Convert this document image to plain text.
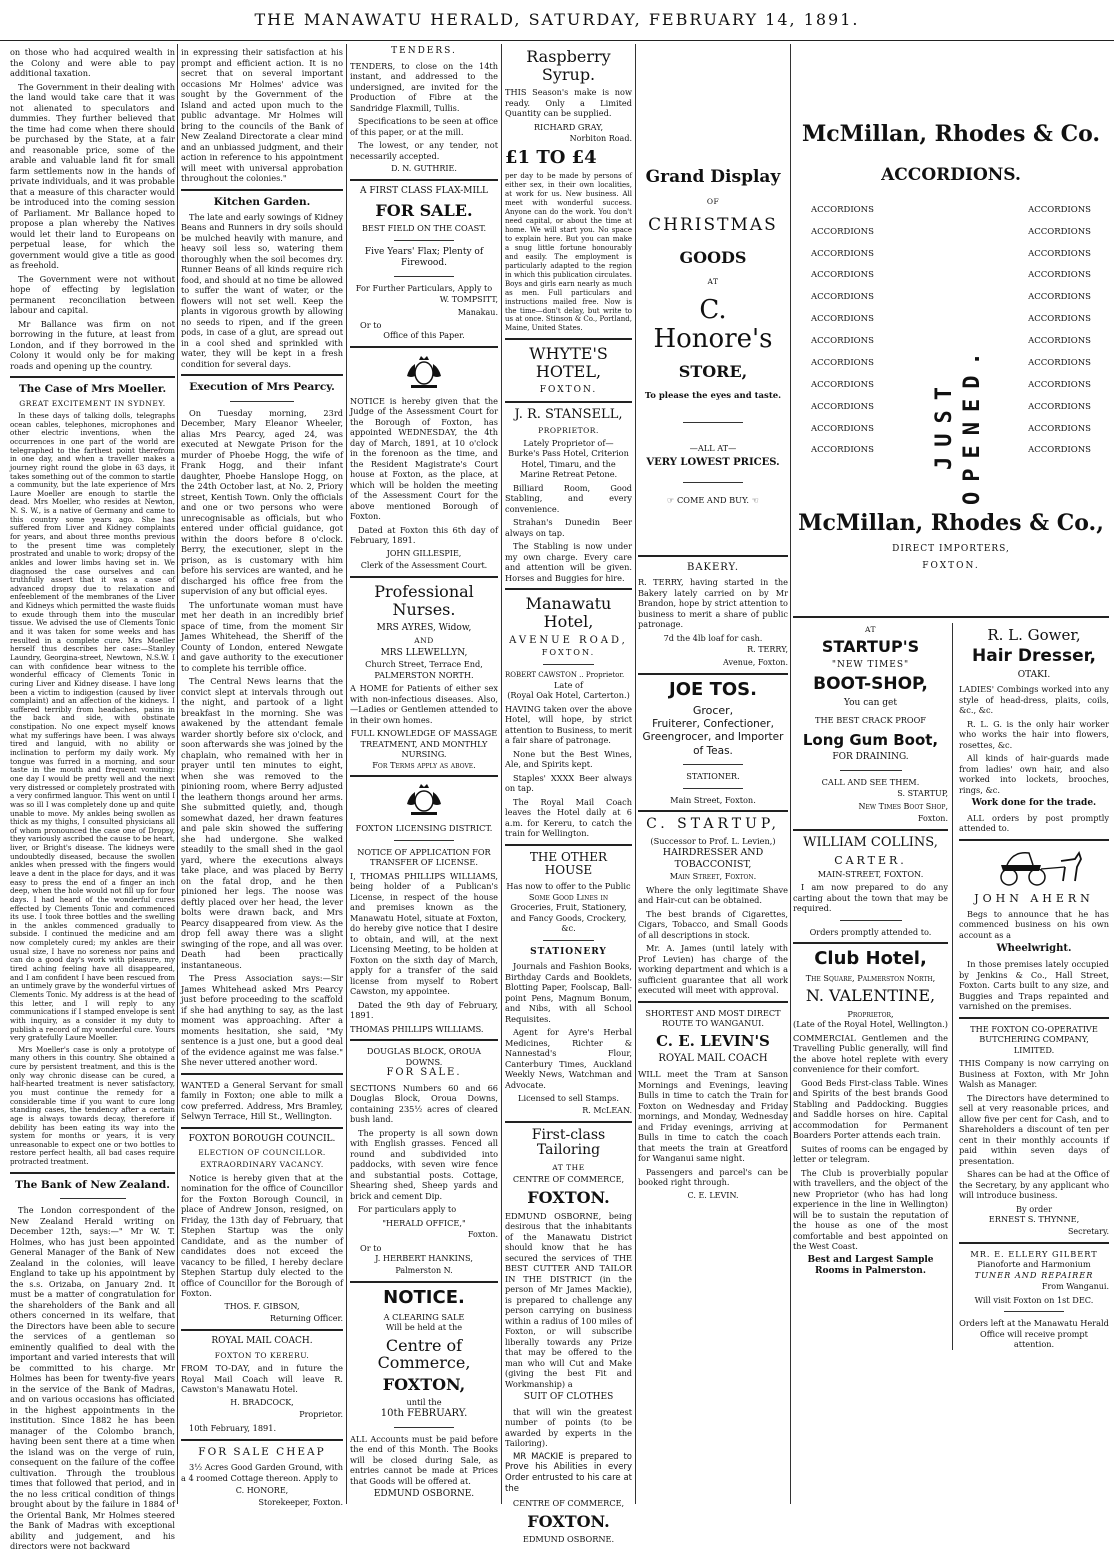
THE MANAWATU HERALD, SATURDAY, FEBRUARY 14, 1891.

on those who had acquired wealth in the Colony and were able to pay additional taxation.

The Government in their dealing with the land would take care that it was not alienated to speculators and dummies. They further believed that the time had come when there should be purchased by the State, at a fair and reasonable price, some of the arable and valuable land fit for small farm settlements now in the hands of private individuals, and it was probable that a measure of this character would be introduced into the coming session of Parliament. Mr Ballance hoped to propose a plan whereby the Natives would let their land to Europeans on perpetual lease, for which the government would give a title as good as freehold.

The Government were not without hope of effecting by legislation permanent reconciliation between labour and capital.

Mr Ballance was firm on not borrowing in the future, at least from London, and if they borrowed in the Colony it would only be for making roads and opening up the country.

The Case of Mrs Moeller.
GREAT EXCITEMENT IN SYDNEY.

In these days of talking dolls, telegraphs ocean cables, telephones, microphones and other electric inventions, when the occurrences in one part of the world are telegraphed to the farthest point therefrom in one day, and when a traveller makes a journey right round the globe in 63 days, it takes something out of the common to startle a community, but the late experience of Mrs Laure Moeller are enough to startle the dead. Mrs Moeller, who resides at Newton, N. S. W., is a native of Germany and came to this country some years ago. She has suffered from Liver and Kidney complaints for years, and about three months previous to the present time was completely prostrated and unable to work; dropsy of the ankles and lower limbs having set in. We diagnosed the case ourselves and can truthfully assert that it was a case of advanced dropsy due to relaxation and enfeeblement of the membranes of the Liver and Kidneys which permitted the waste fluids to exude through them into the muscular tissue. We advised the use of Clements Tonic and it was taken for some weeks and has resulted in a complete cure. Mrs Moeller herself thus describes her case:—Stanley Laundry, Georgina-street, Newtown, N.S.W. I can with confidence bear witness to the wonderful efficacy of Clements Tonic in curing Liver and Kidney disease. I have long been a victim to indigestion (caused by liver complaint) and an affection of the kidneys. I suffered terribly from headaches, pains in the back and side, with obstinate constipation. No one expect myself knows what my sufferings have been. I was always tired and languid, with no ability or inclination to perform my daily work. My tongue was furred in a morning, and sour taste in the mouth and frequent vomiting: one day I would be pretty well and the next very distressed or completely prostrated with a very confirmed languor. This went on until I was so ill I was completely done up and quite unable to move. My ankles being swollen as thick as my thighs, I consulted physicians all of whom pronounced the case one of Dropsy, they variously ascribed the cause to be heart, liver, or Bright's disease. The kidneys were undoubtedly diseased, because the swollen ankles when pressed with the fingers would leave a dent in the place for days, and it was easy to press the end of a finger an inch deep, when the hole would not fill up for four days. I had heard of the wonderful cures effected by Clements Tonic and commenced its use. I took three bottles and the swelling in the ankles commenced gradually to subside. I continued the medicine and am now completely cured; my ankles are their usual size, I have no soreness nor pains and can do a good day's work with pleasure, my tired aching feeling have all disappeared, and I am confident I have been rescued from an untimely grave by the wonderful virtues of Clements Tonic. My address is at the head of this letter, and I will reply to any communications if I stamped envelope is sent with inquiry, as a consider it my duty to publish a record of my wonderful cure. Yours very gratefully Laure Moeller.

Mrs Moeller's case is only a prototype of many others in this country. She obtained a cure by persistent treatment, and this is the only way chronic disease can be cured, a half-hearted treatment is never satisfactory, you must continue the remedy for a considerable time if you want to cure long standing cases, the tendency after a certain age is always towards decay, therefore if debility has been eating its way into the system for months or years, it is very unreasonable to expect one or two bottles to restore perfect health, all bad cases require protracted treatment.

The Bank of New Zealand.

The London correspondent of the New Zealand Herald writing on December 12th, says:—" Mr W. T. Holmes, who has just been appointed General Manager of the Bank of New Zealand in the colonies, will leave England to take up his appointment by the s.s. Orizaba, on January 2nd. It must be a matter of congratulation for the shareholders of the Bank and all others concerned in its welfare, that the Directors have been able to secure the services of a gentleman so eminently qualified to deal with the important and varied interests that will be committed to his charge. Mr Holmes has been for twenty-five years in the service of the Bank of Madras, and on various occasions has officiated in the highest appointments in the institution. Since 1882 he has been manager of the Colombo branch, having been sent there at a time when the island was on the verge of ruin, consequent on the failure of the coffee cultivation. Through the troublous times that followed that period, and in the no less critical condition of things brought about by the failure in 1884 of the Oriental Bank, Mr Holmes steered the Bank of Madras with exceptional ability and judgement, and his directors were not backward

in expressing their satisfaction at his prompt and efficient action. It is no secret that on several important occasions Mr Holmes' advice was sought by the Government of the Island and acted upon much to the public advantage. Mr Holmes will bring to the councils of the Bank of New Zealand Directorate a clear mind and an unbiassed judgment, and their action in reference to his appointment will meet with universal approbation throughout the colonies."

Kitchen Garden.

The late and early sowings of Kidney Beans and Runners in dry soils should be mulched heavily with manure, and heavy soil less so, watering them thoroughly when the soil becomes dry. Runner Beans of all kinds require rich food, and should at no time be allowed to suffer the want of water, or the flowers will not set well. Keep the plants in vigorous growth by allowing no seeds to ripen, and if the green pods, in case of a glut, are spread out in a cool shed and sprinkled with water, they will be kept in a fresh condition for several days.

Execution of Mrs Pearcy.

On Tuesday morning, 23rd December, Mary Eleanor Wheeler, alias Mrs Pearcy, aged 24, was executed at Newgate Prison for the murder of Phoebe Hogg, the wife of Frank Hogg, and their infant daughter, Phoebe Hanslope Hogg, on the 24th October last, at No. 2, Priory street, Kentish Town. Only the officials and one or two persons who were unrecognisable as officials, but who entered under official guidance, got within the doors before 8 o'clock. Berry, the executioner, slept in the prison, as is customary with him before his services are wanted, and he discharged his office free from the supervision of any but official eyes.

The unfortunate woman must have met her death in an incredibly brief space of time, from the moment Sir James Whitehead, the Sheriff of the County of London, entered Newgate and gave authority to the executioner to complete his terrible office.

The Central News learns that the convict slept at intervals through out the night, and partook of a light breakfast in the morning. She was awakened by the attendant female warder shortly before six o'clock, and soon afterwards she was joined by the chaplain, who remained with her in prayer until ten minutes to eight, when she was removed to the pinioning room, where Berry adjusted the leathern thongs around her arms. She submitted quietly, and, though somewhat dazed, her drawn features and pale skin showed the suffering she had undergone. She walked steadily to the small shed in the gaol yard, where the executions always take place, and was placed by Berry on the fatal drop, and he then pinioned her legs. The noose was deftly placed over her head, the lever bolts were drawn back, and Mrs Pearcy disappeared from view. As the drop fell away there was a slight swinging of the rope, and all was over. Death had been practically instantaneous.

The Press Association says:—Sir James Whitehead asked Mrs Pearcy just before proceeding to the scaffold if she had anything to say, as the last moment was approaching. After a moments hesitation, she said, "My sentence is a just one, but a good deal of the evidence against me was false." She never uttered another word.

WANTED a General Servant for small family in Foxton; one able to milk a cow preferred. Address, Mrs Bramley, Selwyn Terrace, Hill St., Wellington.

FOXTON BOROUGH COUNCIL.
ELECTION OF COUNCILLOR.
EXTRAORDINARY VACANCY.

Notice is hereby given that at the nomination for the office of Councillor for the Foxton Borough Council, in place of Andrew Jonson, resigned, on Friday, the 13th day of February, that Stephen Startup was the only Candidate, and as the number of candidates does not exceed the vacancy to be filled, I hereby declare Stephen Startup duly elected to the office of Councillor for the Borough of Foxton.

THOS. F. GIBSON,
Returning Officer.
ROYAL MAIL COACH.
FOXTON TO KERERU.

FROM TO-DAY, and in future the Royal Mail Coach will leave R. Cawston's Manawatu Hotel.

H. BRADCOCK,
Proprietor.

10th February, 1891.

FOR SALE CHEAP

3½ Acres Good Garden Ground, with a 4 roomed Cottage thereon. Apply to

C. HONORE,
Storekeeper, Foxton.
TENDERS.

TENDERS, to close on the 14th instant, and addressed to the undersigned, are invited for the Production of Fibre at the Sandridge Flaxmill, Tullis.

Specifications to be seen at office of this paper, or at the mill.

The lowest, or any tender, not necessarily accepted.

D. N. GUTHRIE.
A FIRST CLASS FLAX-MILL
FOR SALE.
BEST FIELD ON THE COAST.
Five Years' Flax; Plenty of Firewood.
For Further Particulars, Apply to
W. TOMPSITT,
Manakau.
Or to
Office of this Paper.

NOTICE is hereby given that the Judge of the Assessment Court for the Borough of Foxton, has appointed WEDNESDAY, the 4th day of March, 1891, at 10 o'clock in the forenoon as the time, and the Resident Magistrate's Court house at Foxton, as the place, at which will be holden the meeting of the Assessment Court for the above mentioned Borough of Foxton.

Dated at Foxton this 6th day of February, 1891.

JOHN GILLESPIE,
Clerk of the Assessment Court.
Professional Nurses.
MRS AYRES, Widow,
AND
MRS LLEWELLYN,
Church Street, Terrace End, PALMERSTON NORTH.

A HOME for Patients of either sex with non-infectious diseases. Also,—Ladies or Gentlemen attended to in their own homes.

FULL KNOWLEDGE OF MASSAGE TREATMENT, AND MONTHLY NURSING.
For Terms apply as above.
FOXTON LICENSING DISTRICT.
NOTICE OF APPLICATION FOR TRANSFER OF LICENSE.

I, THOMAS PHILLIPS WILLIAMS, being holder of a Publican's License, in respect of the house and premises known as the Manawatu Hotel, situate at Foxton, do hereby give notice that I desire to obtain, and will, at the next Licensing Meeting, to be holden at Foxton on the sixth day of March, apply for a transfer of the said license from myself to Robert Cawston, my appointee.

Dated the 9th day of February, 1891.

THOMAS PHILLIPS WILLIAMS.
DOUGLAS BLOCK, OROUA DOWNS.
FOR SALE.

SECTIONS Numbers 60 and 66 Douglas Block, Oroua Downs, containing 235½ acres of cleared bush land.

The property is all sown down with English grasses. Fenced all round and subdivided into paddocks, with seven wire fence and substantial posts. Cottage, Shearing shed, Sheep yards and brick and cement Dip.

For particulars apply to

"HERALD OFFICE,"
Foxton.
Or to
J. HERBERT HANKINS,
Palmerston N.
NOTICE.
A CLEARING SALE
Will be held at the
Centre of Commerce,
FOXTON,
until the
10th FEBRUARY.

ALL Accounts must be paid before the end of this Month. The Books will be closed during Sale, as entries cannot be made at Prices that Goods will be offered at.

EDMUND OSBORNE.
Raspberry Syrup.

THIS Season's make is now ready. Only a Limited Quantity can be supplied.

RICHARD GRAY,
Norbiton Road.
£1 TO £4

per day to be made by persons of either sex, in their own localities, at work for us. New business. All meet with wonderful success. Anyone can do the work. You don't need capital, or about the time at home. We will start you. No space to explain here. But you can make a snug little fortune honourably and easily. The employment is particularly adapted to the region in which this publication circulates. Boys and girls earn nearly as much as men. Full particulars and instructions mailed free. Now is the time—don't delay, but write to us at once. Stinson & Co., Portland, Maine, United States.

WHYTE'S HOTEL,
FOXTON.
J. R. STANSELL,
PROPRIETOR.
Lately Proprietor of—
Burke's Pass Hotel, Criterion Hotel, Timaru, and the Marine Retreat Petone.

Billiard Room, Good Stabling, and every convenience.

Strahan's Dunedin Beer always on tap.

The Stabling is now under my own charge. Every care and attention will be given. Horses and Buggies for hire.

Manawatu Hotel,
AVENUE ROAD,
FOXTON.
ROBERT CAWSTON .. Proprietor.
Late of
(Royal Oak Hotel, Carterton.)

HAVING taken over the above Hotel, will hope, by strict attention to Business, to merit a fair share of patronage.

None but the Best Wines, Ale, and Spirits kept.

Staples' XXXX Beer always on tap.

The Royal Mail Coach leaves the Hotel daily at 6 a.m. for Kereru, to catch the train for Wellington.

THE OTHER HOUSE
Has now to offer to the Public
Some Good Lines in
Groceries, Fruit, Stationery, and Fancy Goods, Crockery, &c.
STATIONERY

Journals and Fashion Books, Birthday Cards and Booklets, Blotting Paper, Foolscap, Ball-point Pens, Magnum Bonum, and Nibs, with all School Requisites.

Agent for Ayre's Herbal Medicines, Richter & Nannestad's Flour, Canterbury Times, Auckland Weekly News, Watchman and Advocate.

Licensed to sell Stamps.
R. McLEAN.
First-class Tailoring
AT THE
CENTRE OF COMMERCE,
FOXTON.

EDMUND OSBORNE, being desirous that the inhabitants of the Manawatu District should know that he has secured the services of THE BEST CUTTER AND TAILOR IN THE DISTRICT (in the person of Mr James Mackie), is prepared to challenge any person carrying on business within a radius of 100 miles of Foxton, or will subscribe liberally towards any Prize that may be offered to the man who will Cut and Make (giving the best Fit and Workmanship) a

SUIT OF CLOTHES

that will win the greatest number of points (to be awarded by experts in the Tailoring).

MR MACKIE is prepared to Prove his Abilities in every Order entrusted to his care at the

CENTRE OF COMMERCE,
FOXTON.
EDMUND OSBORNE.
Grand Display
OF
CHRISTMAS
GOODS
AT
C. Honore's
STORE,
To please the eyes and taste.
—ALL AT—
VERY LOWEST PRICES.
☞ COME AND BUY. ☜
BAKERY.

R. TERRY, having started in the Bakery lately carried on by Mr Brandon, hope by strict attention to business to merit a share of public patronage.

7d the 4lb loaf for cash.
R. TERRY,
Avenue, Foxton.
JOE TOS.
Grocer,
Fruiterer, Confectioner, Greengrocer, and Importer of Teas.
STATIONER.
Main Street, Foxton.
C. STARTUP,
(Successor to Prof. L. Levien,)
HAIRDRESSER AND TOBACCONIST,
Main Street, Foxton.

Where the only legitimate Shave and Hair-cut can be obtained.

The best brands of Cigarettes, Cigars, Tobacco, and Small Goods of all descriptions in stock.

Mr. A. James (until lately with Prof Levien) has charge of the working department and which is a sufficient guarantee that all work executed will meet with approval.

SHORTEST AND MOST DIRECT ROUTE TO WANGANUI.
C. E. LEVIN'S
ROYAL MAIL COACH

WILL meet the Tram at Sanson Mornings and Evenings, leaving Bulls in time to catch the Train for Foxton on Wednesday and Friday mornings, and Monday, Wednesday and Friday evenings, arriving at Bulls in time to catch the coach that meets the train at Greatford for Wanganui same night.

Passengers and parcel's can be booked right through.

C. E. LEVIN.
McMillan, Rhodes & Co.
ACCORDIONS.
ACCORDIONS	ACCORDIONS
ACCORDIONS	ACCORDIONS
ACCORDIONS	ACCORDIONS
ACCORDIONS	ACCORDIONS
ACCORDIONS	ACCORDIONS
ACCORDIONS	ACCORDIONS
ACCORDIONS	ACCORDIONS
ACCORDIONS	ACCORDIONS
ACCORDIONS	ACCORDIONS
ACCORDIONS	ACCORDIONS
ACCORDIONS	ACCORDIONS
ACCORDIONS	ACCORDIONS
JUST OPENED.
McMillan, Rhodes & Co.,
DIRECT IMPORTERS,
FOXTON.
AT
STARTUP'S
"NEW TIMES"
BOOT-SHOP,
You can get
THE BEST CRACK PROOF
Long Gum Boot,
FOR DRAINING.
CALL AND SEE THEM.
S. STARTUP,
New Times Boot Shop,
Foxton.
WILLIAM COLLINS,
CARTER.
MAIN-STREET, FOXTON.

I am now prepared to do any carting about the town that may be required.

Orders promptly attended to.
Club Hotel,
The Square, Palmerston North,
N. VALENTINE,
Proprietor,
(Late of the Royal Hotel, Wellington.)

COMMERCIAL Gentlemen and the Travelling Public generally, will find the above hotel replete with every convenience for their comfort.

Good Beds First-class Table. Wines and Spirits of the best brands Good Stabling and Paddocking. Buggies and Saddle horses on hire. Capital accommodation for Permanent Boarders Porter attends each train.

Suites of rooms can be engaged by letter or telegram.

The Club is proverbially popular with travellers, and the object of the new Proprietor (who has had long experience in the line in Wellington) will be to sustain the reputation of the house as one of the most comfortable and best appointed on the West Coast.

Best and Largest Sample Rooms in Palmerston.
R. L. Gower,
Hair Dresser,
OTAKI.

LADIES' Combings worked into any style of head-dress, plaits, coils, &c., &c.

R. L. G. is the only hair worker who works the hair into flowers, rosettes, &c.

All kinds of hair-guards made from ladies' own hair, and also worked into lockets, brooches, rings, &c.

Work done for the trade.

ALL orders by post promptly attended to.

JOHN AHERN

Begs to announce that he has commenced business on his own account as a

Wheelwright.

In those premises lately occupied by Jenkins & Co., Hall Street, Foxton. Carts built to any size, and Buggies and Traps repainted and varnished on the premises.

THE FOXTON CO-OPERATIVE BUTCHERING COMPANY, LIMITED.

THIS Company is now carrying on Business at Foxton, with Mr John Walsh as Manager.

The Directors have determined to sell at very reasonable prices, and allow five per cent for Cash, and to Shareholders a discount of ten per cent in their monthly accounts if paid within seven days of presentation.

Shares can be had at the Office of the Secretary, by any applicant who will introduce business.

By order
ERNEST S. THYNNE,
Secretary.
MR. E. ELLERY GILBERT
Pianoforte and Harmonium
TUNER AND REPAIRER
From Wanganui.
Will visit Foxton on 1st DEC.
Orders left at the Manawatu Herald Office will receive prompt attention.
